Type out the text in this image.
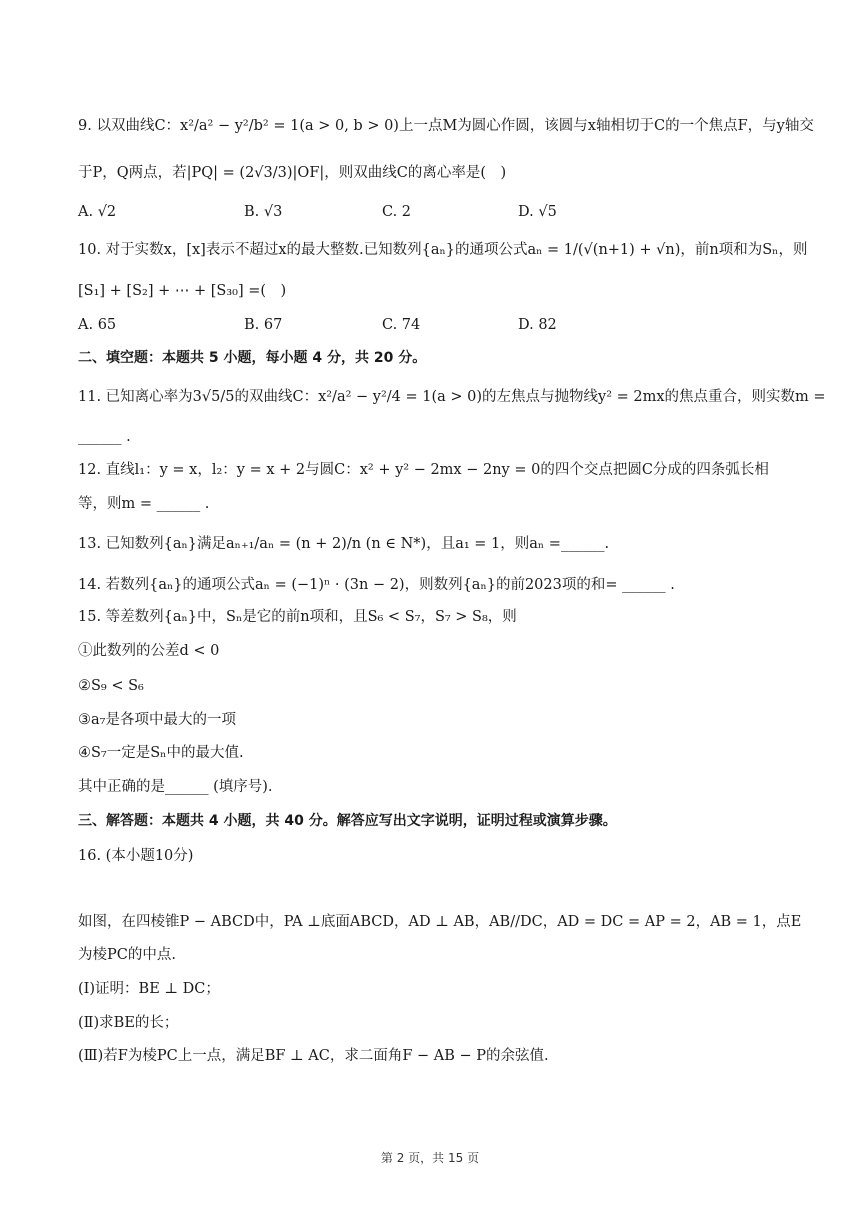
9. 以双曲线C：x²/a² − y²/b² = 1(a > 0, b > 0)上一点M为圆心作圆，该圆与x轴相切于C的一个焦点F，与y轴交
于P，Q两点，若|PQ| = (2√3/3)|OF|，则双曲线C的离心率是(　)
A. √2	B. √3	C. 2	D. √5
10. 对于实数x，[x]表示不超过x的最大整数.已知数列{aₙ}的通项公式aₙ = 1/(√(n+1) + √n)，前n项和为Sₙ，则
[S₁] + [S₂] + ⋯ + [S₃₀] =(　)
A. 65	B. 67	C. 74	D. 82
二、填空题：本题共 5 小题，每小题 4 分，共 20 分。
11. 已知离心率为3√5/5的双曲线C：x²/a² − y²/4 = 1(a > 0)的左焦点与抛物线y² = 2mx的焦点重合，则实数m =
______ .
12. 直线l₁：y = x，l₂：y = x + 2与圆C：x² + y² − 2mx − 2ny = 0的四个交点把圆C分成的四条弧长相
等，则m = ______ .
13. 已知数列{aₙ}满足aₙ₊₁/aₙ = (n + 2)/n (n ∈ N*)，且a₁ = 1，则aₙ =______.
14. 若数列{aₙ}的通项公式aₙ = (−1)ⁿ · (3n − 2)，则数列{aₙ}的前2023项的和= ______ .
15. 等差数列{aₙ}中，Sₙ是它的前n项和，且S₆ < S₇，S₇ > S₈，则
①此数列的公差d < 0
②S₉ < S₆
③a₇是各项中最大的一项
④S₇一定是Sₙ中的最大值.
其中正确的是______ (填序号).
三、解答题：本题共 4 小题，共 40 分。解答应写出文字说明，证明过程或演算步骤。
16. (本小题10分)
如图，在四棱锥P − ABCD中，PA ⊥底面ABCD，AD ⊥ AB，AB//DC，AD = DC = AP = 2，AB = 1，点E
为棱PC的中点.
(Ⅰ)证明：BE ⊥ DC；
(Ⅱ)求BE的长；
(Ⅲ)若F为棱PC上一点，满足BF ⊥ AC，求二面角F − AB − P的余弦值.
第 2 页，共 15 页
